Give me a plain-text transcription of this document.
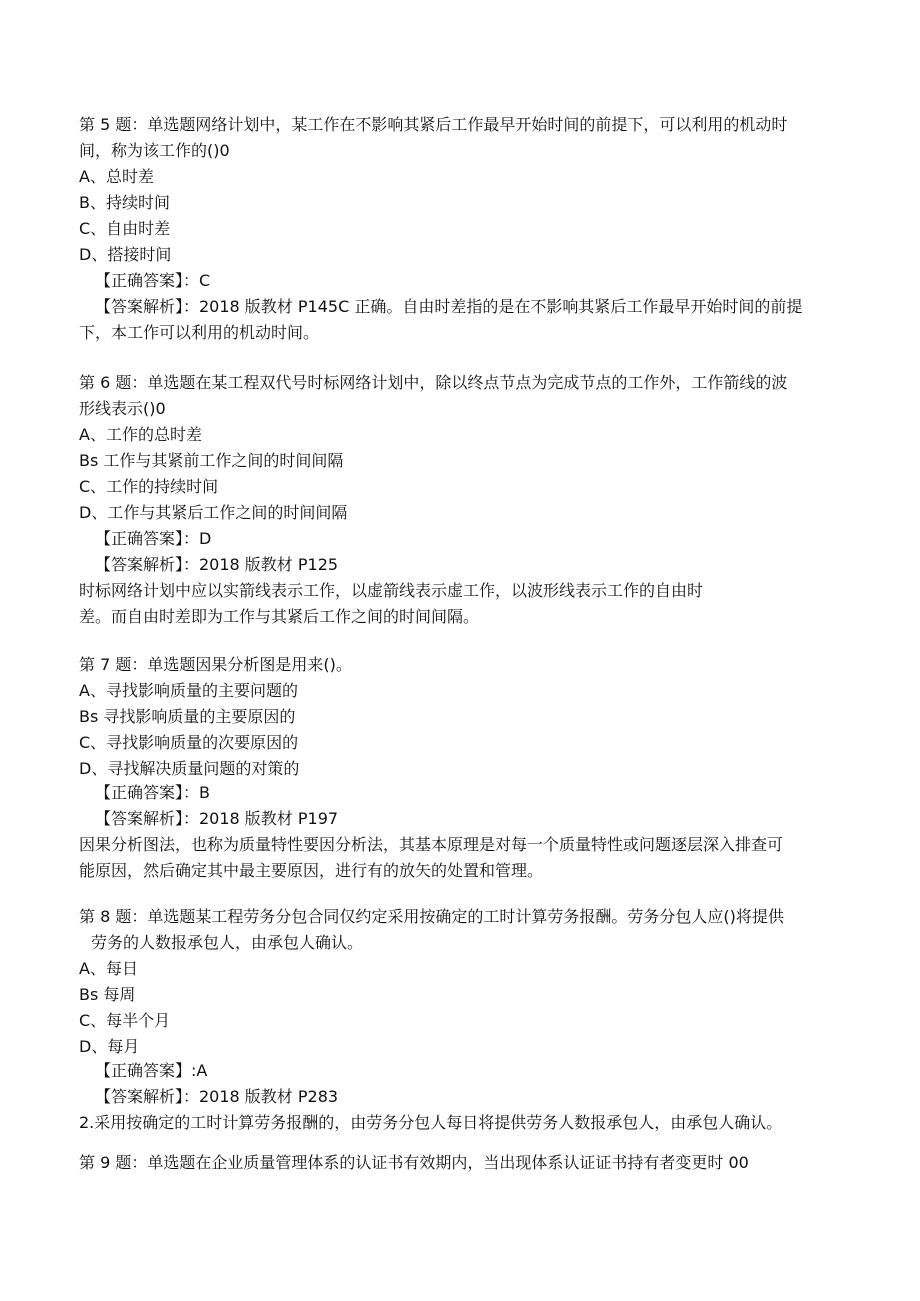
第 5 题：单选题网络计划中，某工作在不影响其紧后工作最早开始时间的前提下，可以利用的机动时
间，称为该工作的()0
A、总时差
B、持续时间
C、自由时差
D、搭接时间
【正确答案】：C
【答案解析】：2018 版教材 P145C 正确。自由时差指的是在不影响其紧后工作最早开始时间的前提
下，本工作可以利用的机动时间。
第 6 题：单选题在某工程双代号时标网络计划中，除以终点节点为完成节点的工作外，工作箭线的波
形线表示()0
A、工作的总时差
Bs 工作与其紧前工作之间的时间间隔
C、工作的持续时间
D、工作与其紧后工作之间的时间间隔
【正确答案】：D
【答案解析】：2018 版教材 P125
时标网络计划中应以实箭线表示工作，以虚箭线表示虚工作，以波形线表示工作的自由时
差。而自由时差即为工作与其紧后工作之间的时间间隔。
第 7 题：单选题因果分析图是用来()。
A、寻找影响质量的主要问题的
Bs 寻找影响质量的主要原因的
C、寻找影响质量的次要原因的
D、寻找解决质量问题的对策的
【正确答案】：B
【答案解析】：2018 版教材 P197
因果分析图法，也称为质量特性要因分析法，其基本原理是对每一个质量特性或问题逐层深入排查可
能原因，然后确定其中最主要原因，进行有的放矢的处置和管理。
第 8 题：单选题某工程劳务分包合同仅约定采用按确定的工时计算劳务报酬。劳务分包人应()将提供
劳务的人数报承包人，由承包人确认。
A、每日
Bs 每周
C、每半个月
D、每月
【正确答案】:A
【答案解析】：2018 版教材 P283
2.采用按确定的工时计算劳务报酬的，由劳务分包人每日将提供劳务人数报承包人，由承包人确认。
第 9 题：单选题在企业质量管理体系的认证书有效期内，当出现体系认证证书持有者变更时 00
